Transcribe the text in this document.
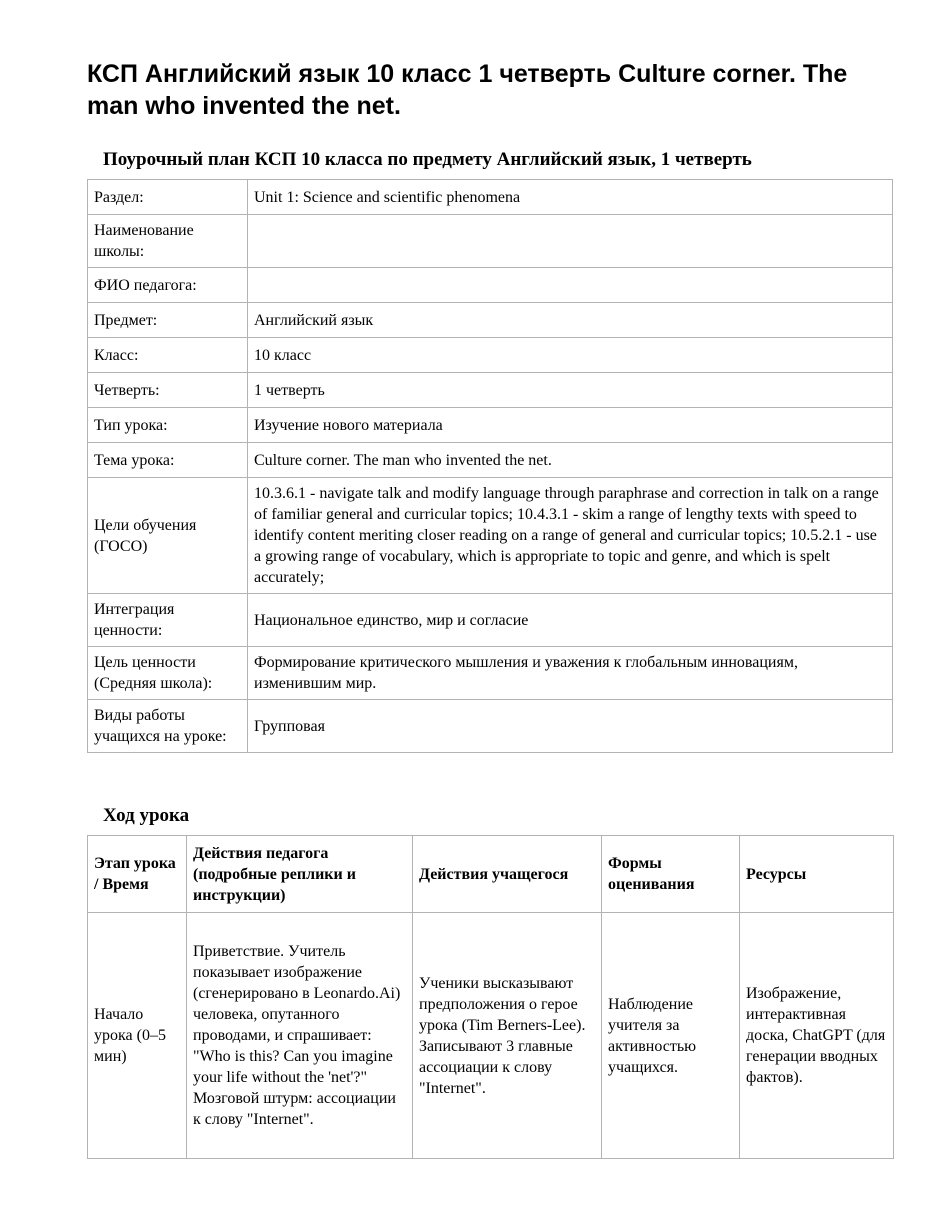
КСП Английский язык 10 класс 1 четверть Culture corner. The man who invented the net.
Поурочный план КСП 10 класса по предмету Английский язык, 1 четверть
Раздел:	Unit 1: Science and scientific phenomena
Наименование школы:	
ФИО педагога:	
Предмет:	Английский язык
Класс:	10 класс
Четверть:	1 четверть
Тип урока:	Изучение нового материала
Тема урока:	Culture corner. The man who invented the net.
Цели обучения (ГОСО)	10.3.6.1 - navigate talk and modify language through paraphrase and correction in talk on a range of familiar general and curricular topics; 10.4.3.1 - skim a range of lengthy texts with speed to identify content meriting closer reading on a range of general and curricular topics; 10.5.2.1 - use a growing range of vocabulary, which is appropriate to topic and genre, and which is spelt accurately;
Интеграция ценности:	Национальное единство, мир и согласие
Цель ценности (Средняя школа):	Формирование критического мышления и уважения к глобальным инновациям, изменившим мир.
Виды работы учащихся на уроке:	Групповая
Ход урока
Этап урока / Время	Действия педагога (подробные реплики и инструкции)	Действия учащегося	Формы оценивания	Ресурсы
Начало урока (0–5 мин)	Приветствие. Учитель показывает изображение (сгенерировано в Leonardo.Ai) человека, опутанного проводами, и спрашивает: "Who is this? Can you imagine your life without the 'net'?" Мозговой штурм: ассоциации к слову "Internet".	Ученики высказывают предположения о герое урока (Tim Berners-Lee). Записывают 3 главные ассоциации к слову "Internet".	Наблюдение учителя за активностью учащихся.	Изображение, интерактивная доска, ChatGPT (для генерации вводных фактов).
